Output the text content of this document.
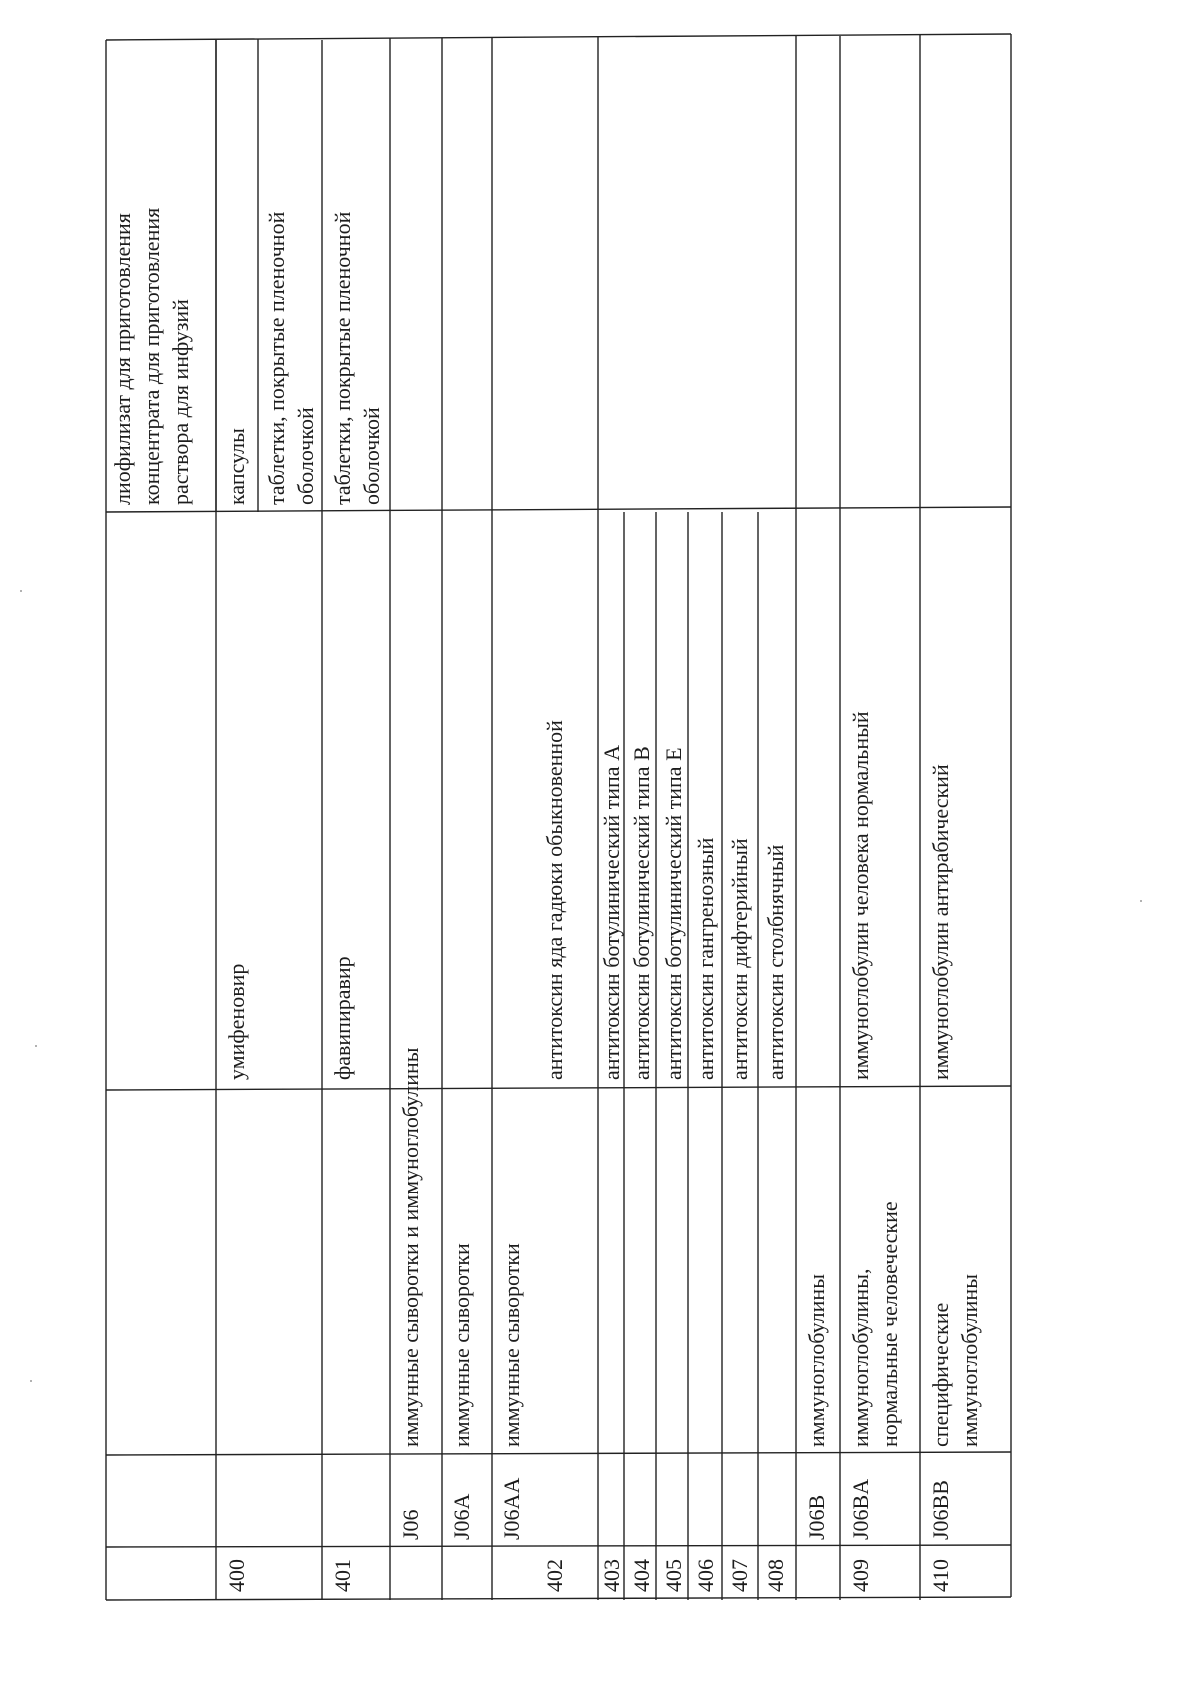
лиофилизат для приготовления
концентрата для приготовления
раствора для инфузий
400
умифеновир
капсулы таблетки, покрытые пленочной
оболочкой
401
фавипиравир
таблетки, покрытые пленочной
оболочкой
J06
иммунные сыворотки и иммуноглобулины
J06A
иммунные сыворотки
J06AA
иммунные сыворотки
402
антитоксин яда гадюки обыкновенной
403
антитоксин ботулинический типа А
404
антитоксин ботулинический типа В
405
антитоксин ботулинический типа Е
406
антитоксин гангренозный
407
антитоксин дифтерийный
408
антитоксин столбнячный
J06B
иммуноглобулины
409
J06BA
иммуноглобулины,
нормальные человеческие
иммуноглобулин человека нормальный
410
J06BB
специфические
иммуноглобулины
иммуноглобулин антирабический
